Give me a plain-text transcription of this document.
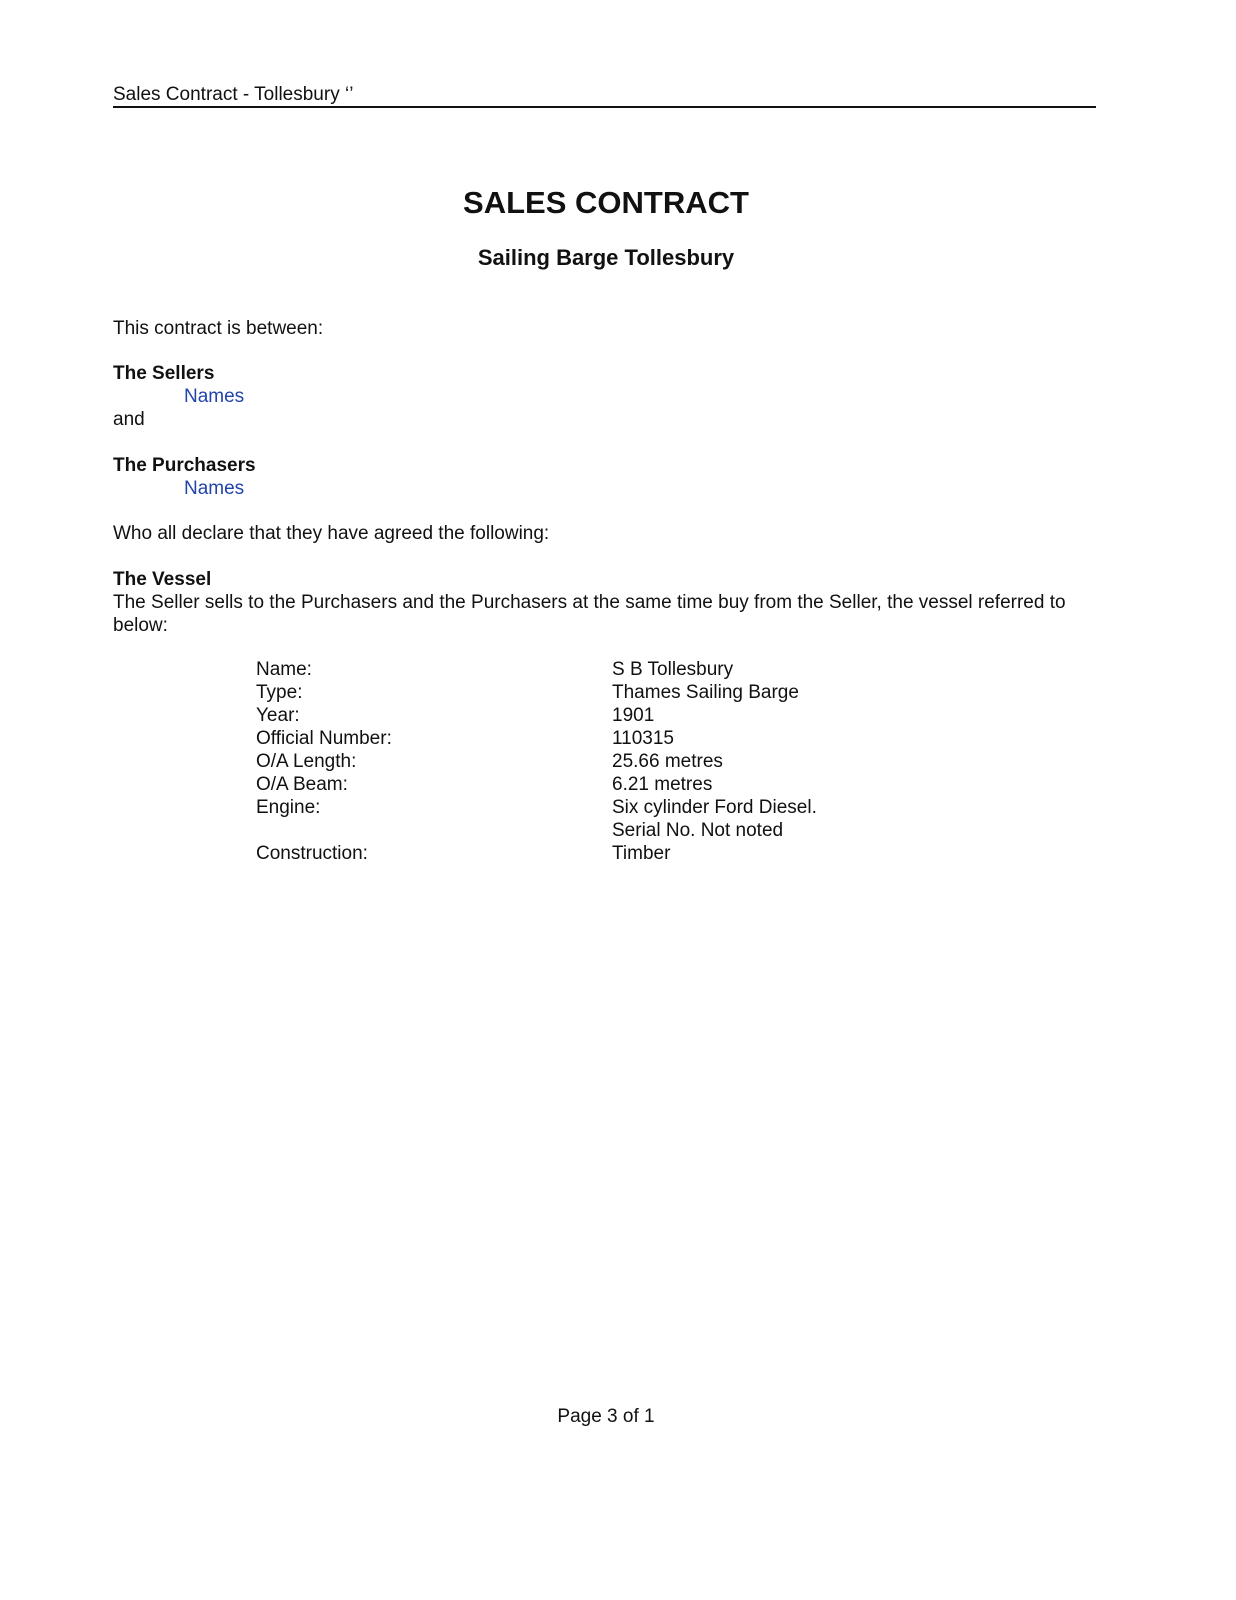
Sales Contract - Tollesbury ‘’
SALES CONTRACT
Sailing Barge Tollesbury
This contract is between:
The Sellers
Names
and
The Purchasers
Names
Who all declare that they have agreed the following:
The Vessel
The Seller sells to the Purchasers and the Purchasers at the same time buy from the Seller, the vessel referred to below:
Name:	S B Tollesbury
Type:	Thames Sailing Barge
Year:	1901
Official Number:	110315
O/A Length:	25.66 metres
O/A Beam:	6.21 metres
Engine:	Six cylinder Ford Diesel.
Serial No. Not noted
Construction:	Timber
Page 3 of 1
